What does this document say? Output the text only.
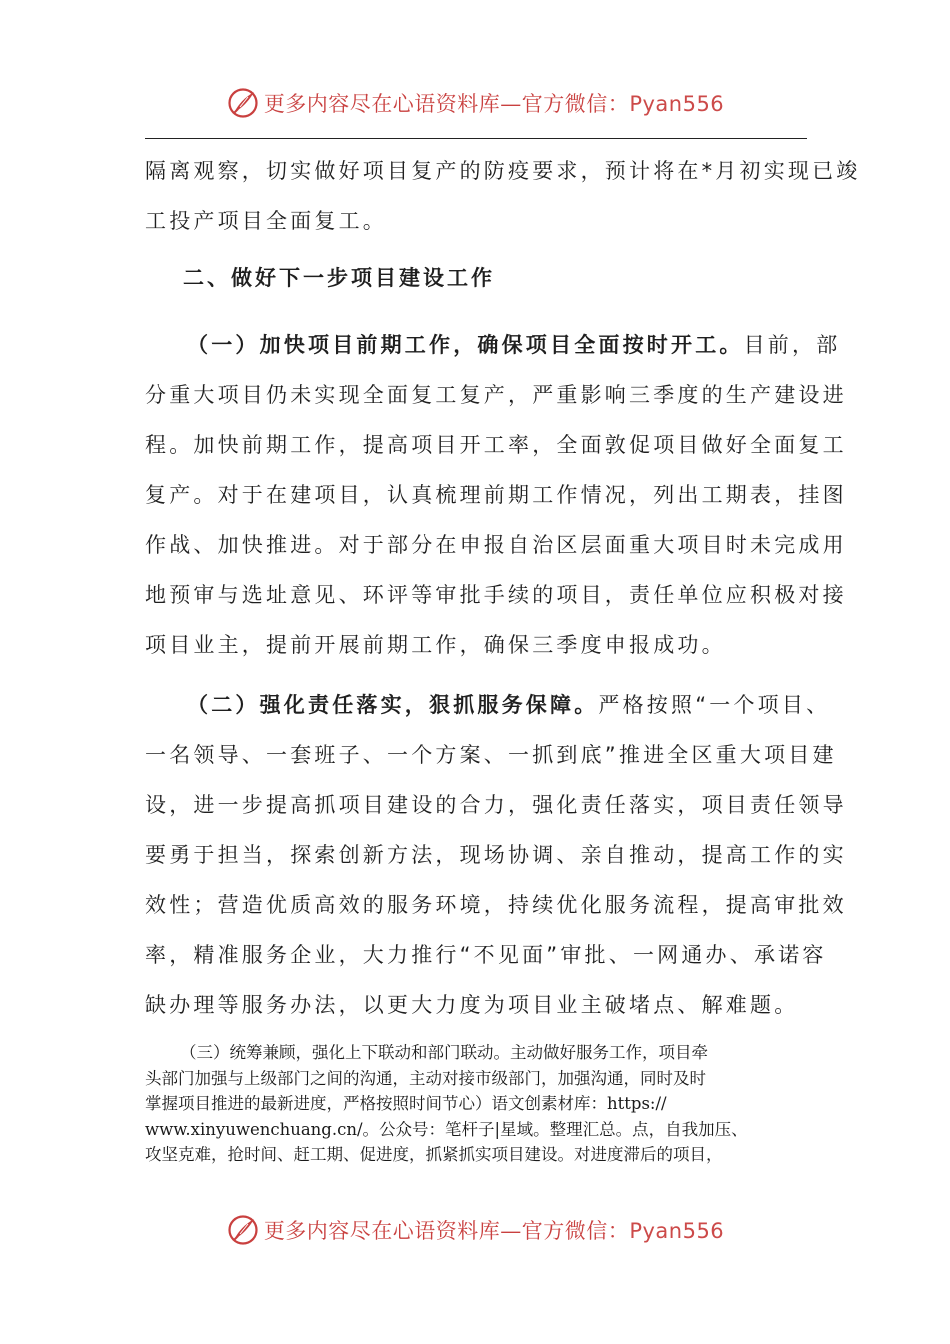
更多内容尽在心语资料库—官方微信：Pyan556
隔离观察，切实做好项目复产的防疫要求，预计将在*月初实现已竣
工投产项目全面复工。
二、做好下一步项目建设工作
（一）加快项目前期工作，确保项目全面按时开工。目前，部
分重大项目仍未实现全面复工复产，严重影响三季度的生产建设进
程。加快前期工作，提高项目开工率，全面敦促项目做好全面复工
复产。对于在建项目，认真梳理前期工作情况，列出工期表，挂图
作战、加快推进。对于部分在申报自治区层面重大项目时未完成用
地预审与选址意见、环评等审批手续的项目，责任单位应积极对接
项目业主，提前开展前期工作，确保三季度申报成功。
（二）强化责任落实，狠抓服务保障。严格按照“一个项目、
一名领导、一套班子、一个方案、一抓到底”推进全区重大项目建
设，进一步提高抓项目建设的合力，强化责任落实，项目责任领导
要勇于担当，探索创新方法，现场协调、亲自推动，提高工作的实
效性；营造优质高效的服务环境，持续优化服务流程，提高审批效
率，精准服务企业，大力推行“不见面”审批、一网通办、承诺容
缺办理等服务办法，以更大力度为项目业主破堵点、解难题。
（三）统筹兼顾，强化上下联动和部门联动。主动做好服务工作，项目牵
头部门加强与上级部门之间的沟通，主动对接市级部门，加强沟通，同时及时
掌握项目推进的最新进度，严格按照时间节心）语文创素材库：https://
www.xinyuwenchuang.cn/。公众号：笔杆子|星域。整理汇总。点，自我加压、
攻坚克难，抢时间、赶工期、促进度，抓紧抓实项目建设。对进度滞后的项目，
更多内容尽在心语资料库—官方微信：Pyan556
